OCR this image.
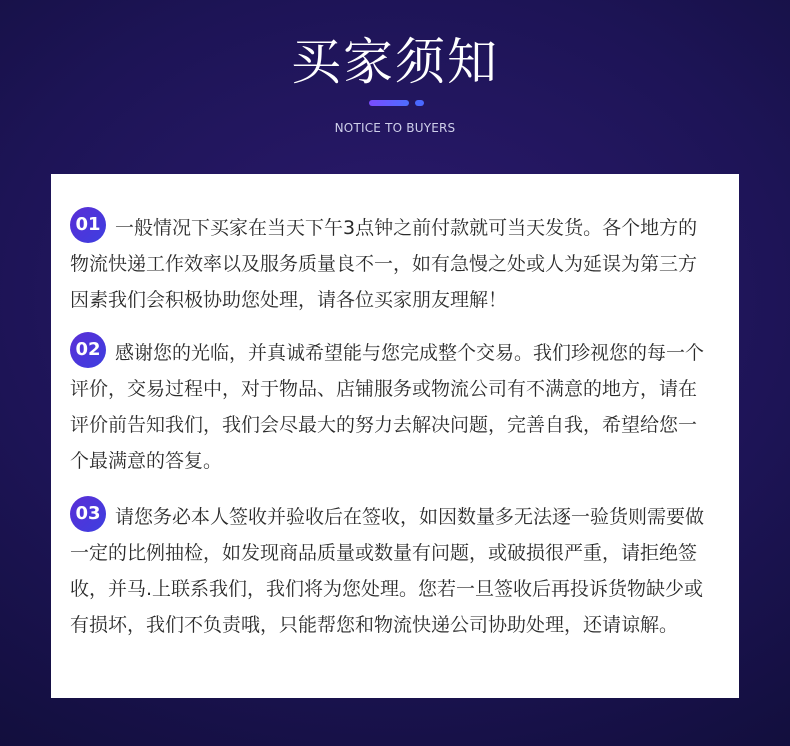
买家须知
NOTICE TO BUYERS
01 一般情况下买家在当天下午3点钟之前付款就可当天发货。各个地方的物流快递工作效率以及服务质量良不一，如有急慢之处或人为延误为第三方因素我们会积极协助您处理，请各位买家朋友理解！
02 感谢您的光临，并真诚希望能与您完成整个交易。我们珍视您的每一个评价，交易过程中，对于物品、店铺服务或物流公司有不满意的地方，请在评价前告知我们，我们会尽最大的努力去解决问题，完善自我，希望给您一个最满意的答复。
03 请您务必本人签收并验收后在签收，如因数量多无法逐一验货则需要做一定的比例抽检，如发现商品质量或数量有问题，或破损很严重，请拒绝签收，并马.上联系我们，我们将为您处理。您若一旦签收后再投诉货物缺少或有损坏，我们不负责哦，只能帮您和物流快递公司协助处理，还请谅解。
